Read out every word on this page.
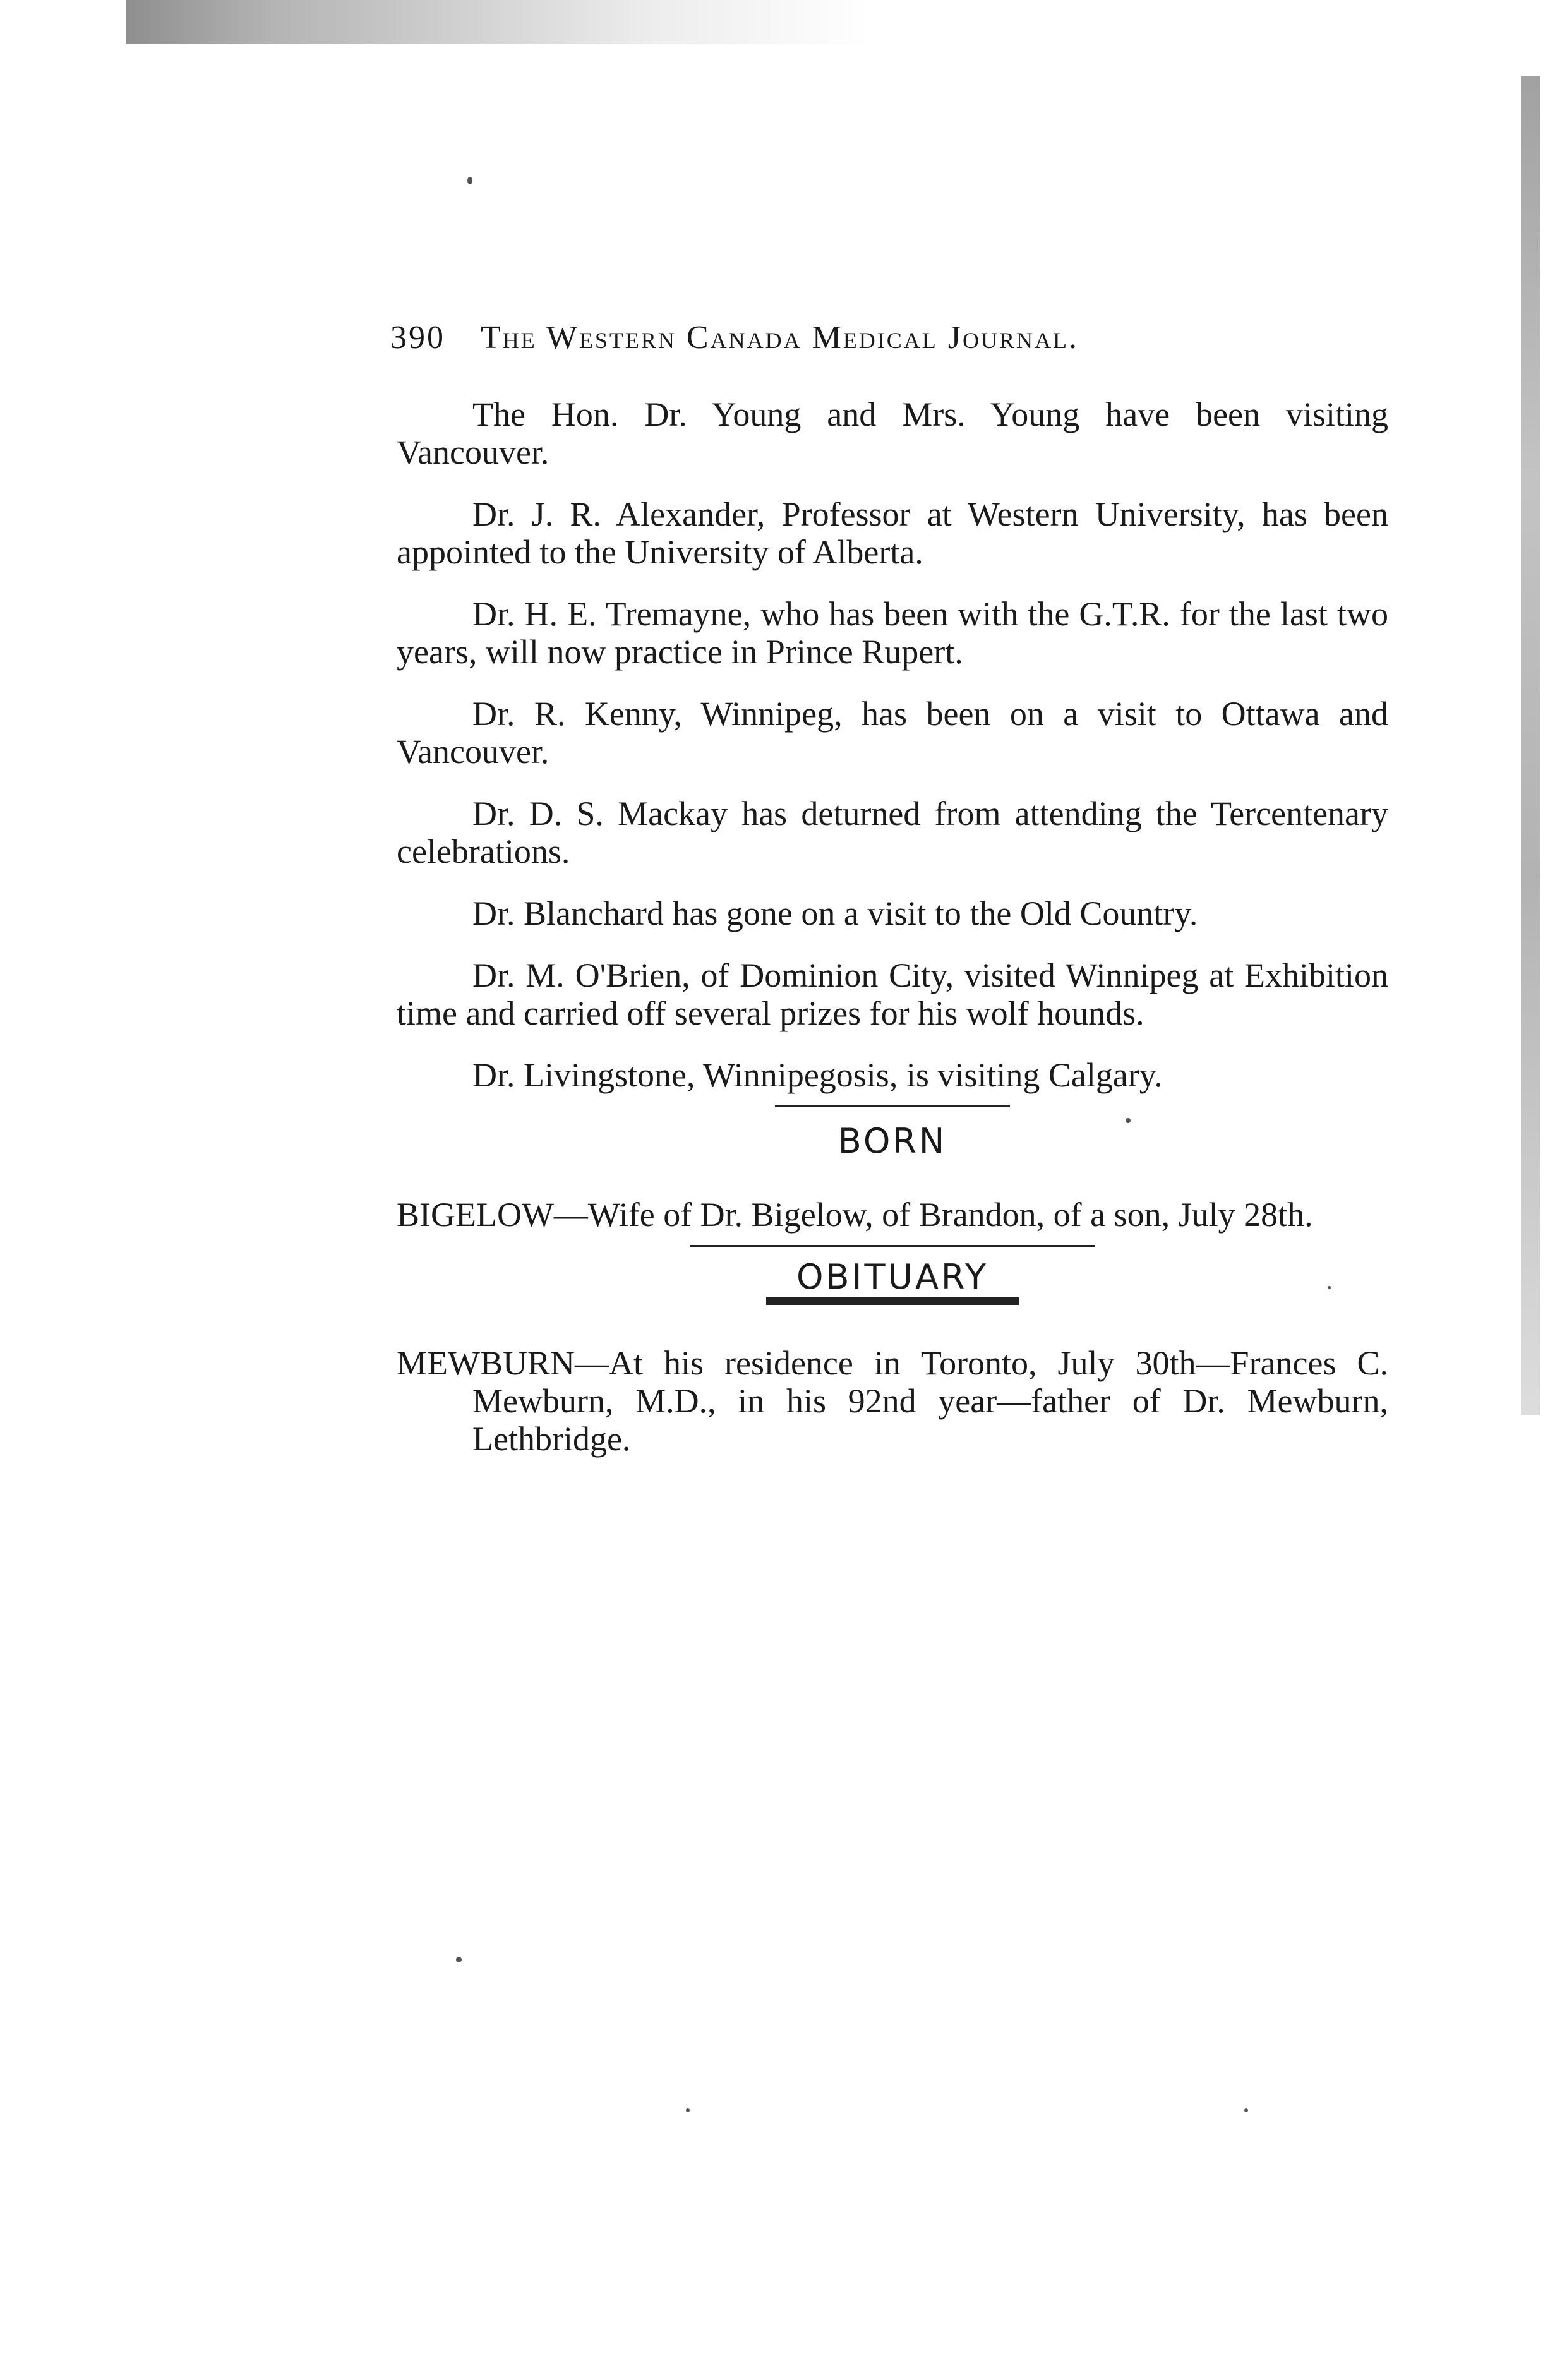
390 The Western Canada Medical Journal.

The Hon. Dr. Young and Mrs. Young have been visiting Vancouver.

Dr. J. R. Alexander, Professor at Western University, has been appointed to the University of Alberta.

Dr. H. E. Tremayne, who has been with the G.T.R. for the last two years, will now practice in Prince Rupert.

Dr. R. Kenny, Winnipeg, has been on a visit to Ottawa and Vancouver.

Dr. D. S. Mackay has deturned from attending the Tercentenary celebrations.

Dr. Blanchard has gone on a visit to the Old Country.

Dr. M. O'Brien, of Dominion City, visited Winnipeg at Exhibition time and carried off several prizes for his wolf hounds.

Dr. Livingstone, Winnipegosis, is visiting Calgary.

BORN

BIGELOW—Wife of Dr. Bigelow, of Brandon, of a son, July 28th.

OBITUARY

MEWBURN—At his residence in Toronto, July 30th—Frances C. Mewburn, M.D., in his 92nd year—father of Dr. Mewburn, Lethbridge.
